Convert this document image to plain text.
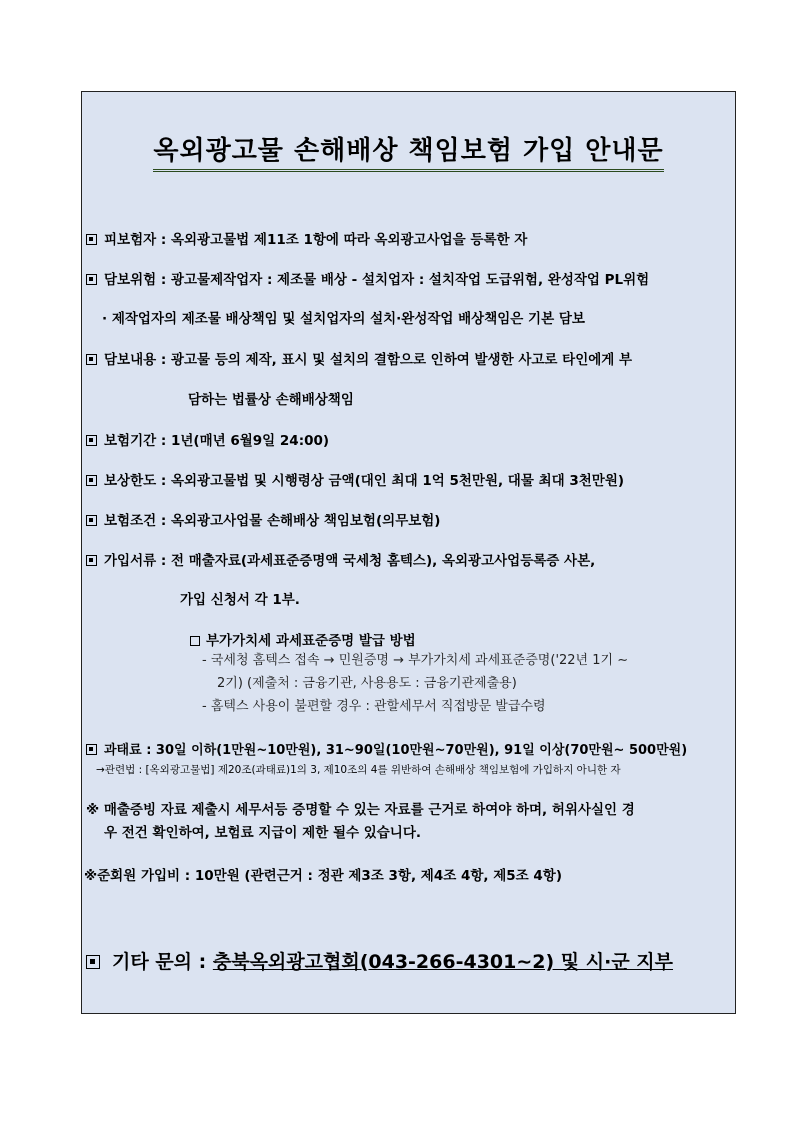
옥외광고물 손해배상 책임보험 가입 안내문
피보험자 : 옥외광고물법 제11조 1항에 따라 옥외광고사업을 등록한 자
담보위험 : 광고물제작업자 : 제조물 배상 - 설치업자 : 설치작업 도급위험, 완성작업 PL위험
· 제작업자의 제조물 배상책임 및 설치업자의 설치·완성작업 배상책임은 기본 담보
담보내용 : 광고물 등의 제작, 표시 및 설치의 결함으로 인하여 발생한 사고로 타인에게 부
담하는 법률상 손해배상책임
보험기간 : 1년(매년 6월9일 24:00)
보상한도 : 옥외광고물법 및 시행령상 금액(대인 최대 1억 5천만원, 대물 최대 3천만원)
보험조건 : 옥외광고사업물 손해배상 책임보험(의무보험)
가입서류 : 전 매출자료(과세표준증명액 국세청 홈텍스), 옥외광고사업등록증 사본,
가입 신청서 각 1부.
부가가치세 과세표준증명 발급 방법
- 국세청 홈텍스 접속 → 민원증명 → 부가가치세 과세표준증명('22년 1기 ∼
2기) (제출처 : 금융기관, 사용용도 : 금융기관제출용)
- 홈텍스 사용이 불편할 경우 : 관할세무서 직접방문 발급수령
과태료 : 30일 이하(1만원~10만원), 31~90일(10만원~70만원), 91일 이상(70만원~ 500만원)
→관련법 : [옥외광고물법] 제20조(과태료)1의 3, 제10조의 4를 위반하여 손해배상 책임보험에 가입하지 아니한 자
※ 매출증빙 자료 제출시 세무서등 증명할 수 있는 자료를 근거로 하여야 하며, 허위사실인 경
우 전건 확인하여, 보험료 지급이 제한 될수 있습니다.
※준회원 가입비 : 10만원 (관련근거 : 정관 제3조 3항, 제4조 4항, 제5조 4항)
기타 문의 : 충북옥외광고협회(043-266-4301∼2) 및 시·군 지부
